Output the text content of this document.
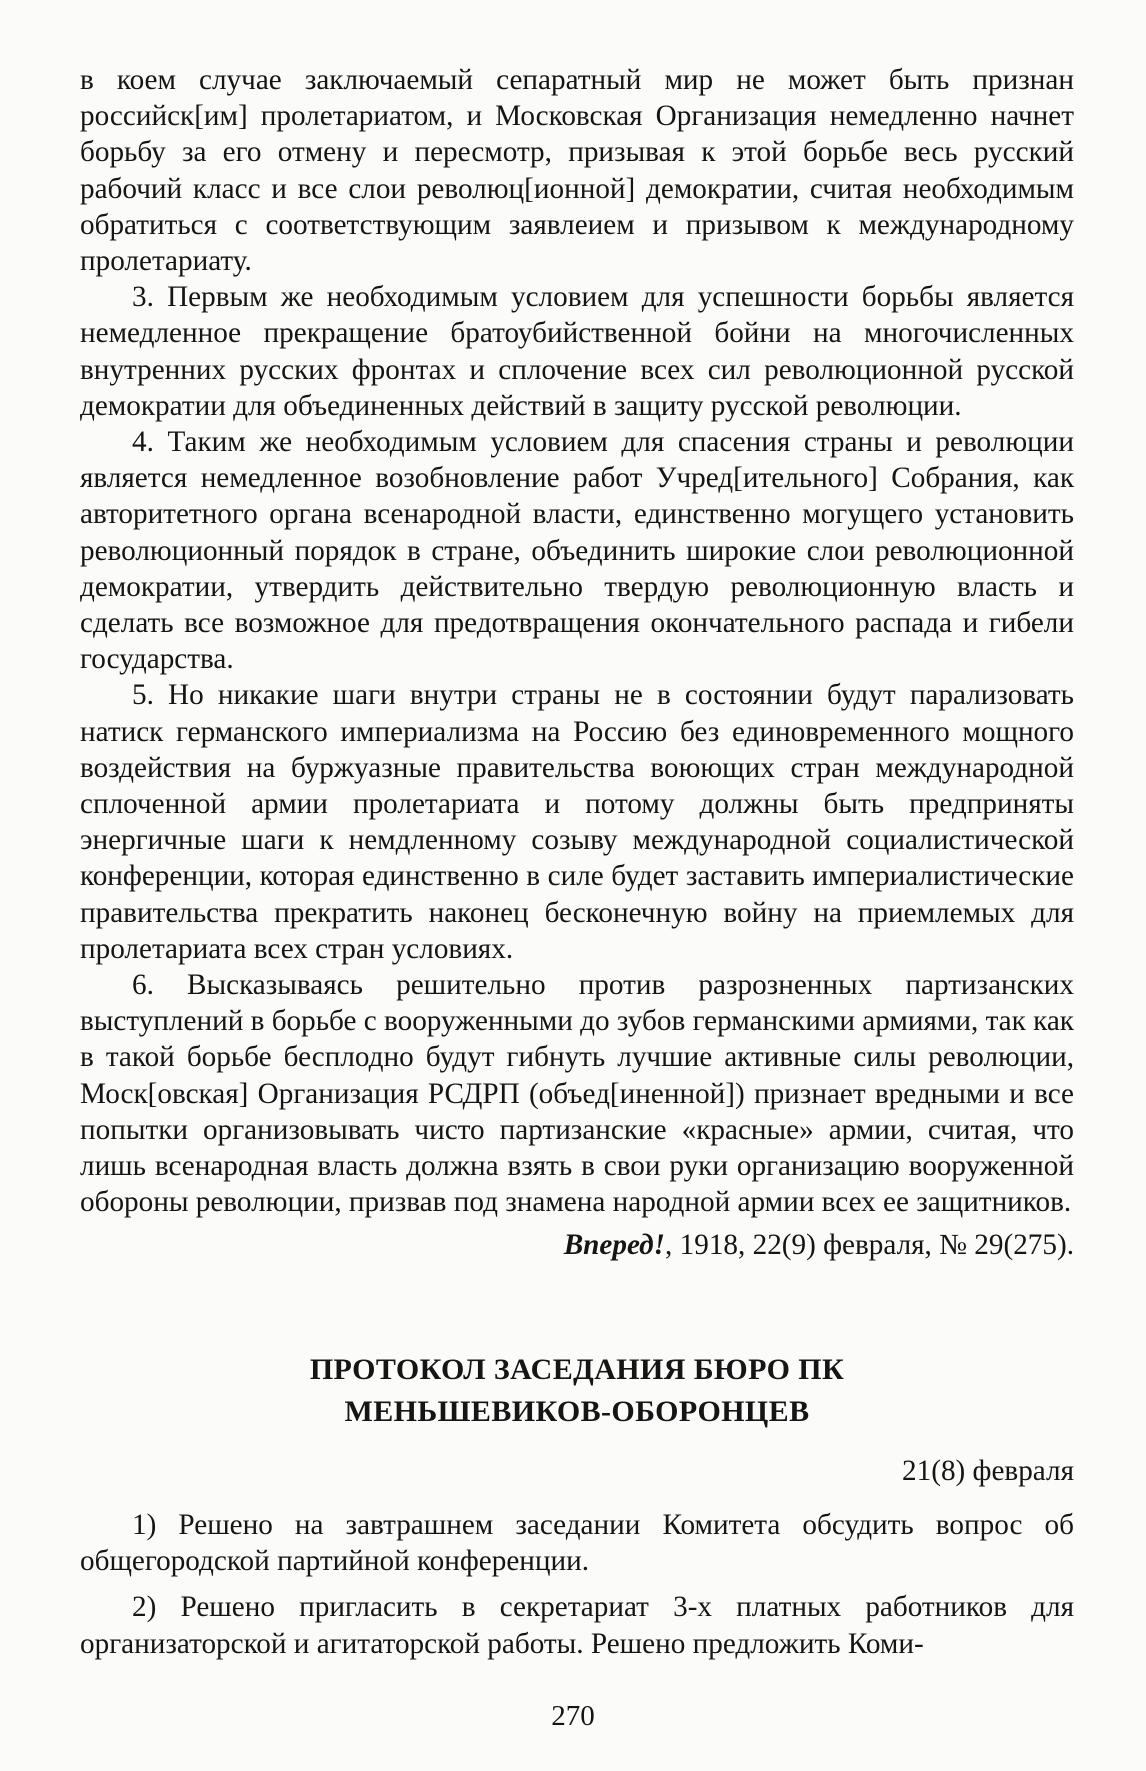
в коем случае заключаемый сепаратный мир не может быть признан российск[им] пролетариатом, и Московская Организация немедленно начнет борьбу за его отмену и пересмотр, призывая к этой борьбе весь русский рабочий класс и все слои революц[ионной] демократии, считая необходимым обратиться с соответствующим заявлеием и призывом к международному пролетариату.

3. Первым же необходимым условием для успешности борьбы является немедленное прекращение братоубийственной бойни на многочисленных внутренних русских фронтах и сплочение всех сил революционной русской демократии для объединенных действий в защиту русской революции.

4. Таким же необходимым условием для спасения страны и революции является немедленное возобновление работ Учред[ительного] Собрания, как авторитетного органа всенародной власти, единственно могущего установить революционный порядок в стране, объединить широкие слои революционной демократии, утвердить действительно твердую революционную власть и сделать все возможное для предотвращения окончательного распада и гибели государства.

5. Но никакие шаги внутри страны не в состоянии будут парализовать натиск германского империализма на Россию без единовременного мощного воздействия на буржуазные правительства воюющих стран международной сплоченной армии пролетариата и потому должны быть предприняты энергичные шаги к немдленному созыву международной социалистической конференции, которая единственно в силе будет заставить империалистические правительства прекратить наконец бесконечную войну на приемлемых для пролетариата всех стран условиях.

6. Высказываясь решительно против разрозненных партизанских выступлений в борьбе с вооруженными до зубов германскими армиями, так как в такой борьбе бесплодно будут гибнуть лучшие активные силы революции, Моск[овская] Организация РСДРП (объед[иненной]) признает вредными и все попытки организовывать чисто партизанские «красные» армии, считая, что лишь всенародная власть должна взять в свои руки организацию вооруженной обороны революции, призвав под знамена народной армии всех ее защитников.

Вперед!, 1918, 22(9) февраля, № 29(275).

ПРОТОКОЛ ЗАСЕДАНИЯ БЮРО ПК
МЕНЬШЕВИКОВ-ОБОРОНЦЕВ

21(8) февраля

1) Решено на завтрашнем заседании Комитета обсудить вопрос об общегородской партийной конференции.

2) Решено пригласить в секретариат 3-х платных работников для организаторской и агитаторской работы. Решено предложить Коми-

270
